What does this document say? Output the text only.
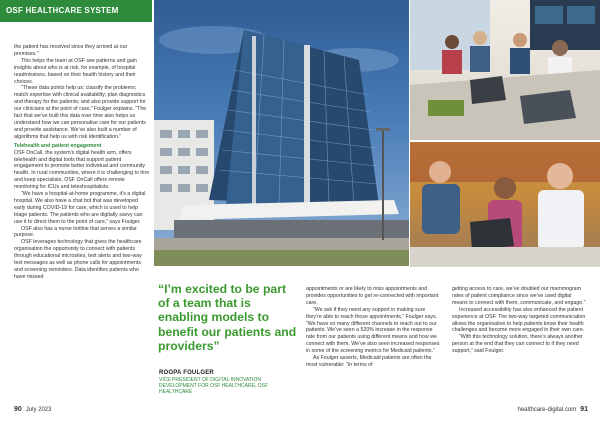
OSF HEALTHCARE SYSTEM

the patient has received since they arrived at our premises.”

This helps the team at OSF see patterns and gain insights about who is at risk, for example, of hospital readmissions, based on their health history and their choices.

“These data points help us: classify the problems; match expertise with clinical availability; plan diagnostics and therapy for the patients; and also provide support for our clinicians at the point of care,” Foulger explains. “The fact that we’ve built this data over time also helps us understand how we can personalise care for our patients and provide assistance. We’ve also built a number of algorithms that help us with risk identification.”

Telehealth and patient engagement

OSF OnCall, the system’s digital health arm, offers telehealth and digital tools that support patient engagement to promote better individual and community health. In rural communities, where it is challenging to hire and keep specialists, OSF OnCall offers remote monitoring for ICUs and teleshospitalists.

“We have a hospital-at-home programme, it’s a digital hospital. We also have a chat bot that was developed early during COVID-19 for care, which is used to help triage patients. The patients who are digitally savvy can use it to direct them to the point of care,” says Foulger.

OSF also has a nurse hotline that serves a similar purpose.

OSF leverages technology that gives the healthcare organisation the opportunity to connect with patients through educational microsites, text alerts and two-way text messages as well as phone calls for appointments and screening reminders. Data identifies patients who have missed

“I’m excited to be part of a team that is enabling models to benefit our patients and providers”
ROOPA FOULGER
VICE PRESIDENT OF DIGITAL INNOVATION DEVELOPMENT FOR OSF HEALTHCARE, OSF HEALTHCARE

appointments or are likely to miss appointments and provides opportunities to get re-connected with important care.

“We ask if they need any support in making sure they’re able to reach those appointments,” Foulger says. “We have so many different channels to reach out to our patients. We’ve seen a 520% increase in the response rate from our patients using different means and how we connect with them. We’ve also seen increased responses in some of the screening metrics for Medicaid patients.”

As Foulger asserts, Medicaid patients are often the most vulnerable: “In terms of

getting access to care, we’ve doubled our mammogram rates of patient compliance since we’ve used digital means to connect with them, communicate, and engage.”

Increased accessibility has also enhanced the patient experience at OSF. The two-way targeted communication allows the organisation to help patients know their health challenges and become more engaged in their own care.

“With this technology solution, there’s always another person at the end that they can connect to if they need support,” said Foulger.

90 July 2023	healthcare-digital.com 91
